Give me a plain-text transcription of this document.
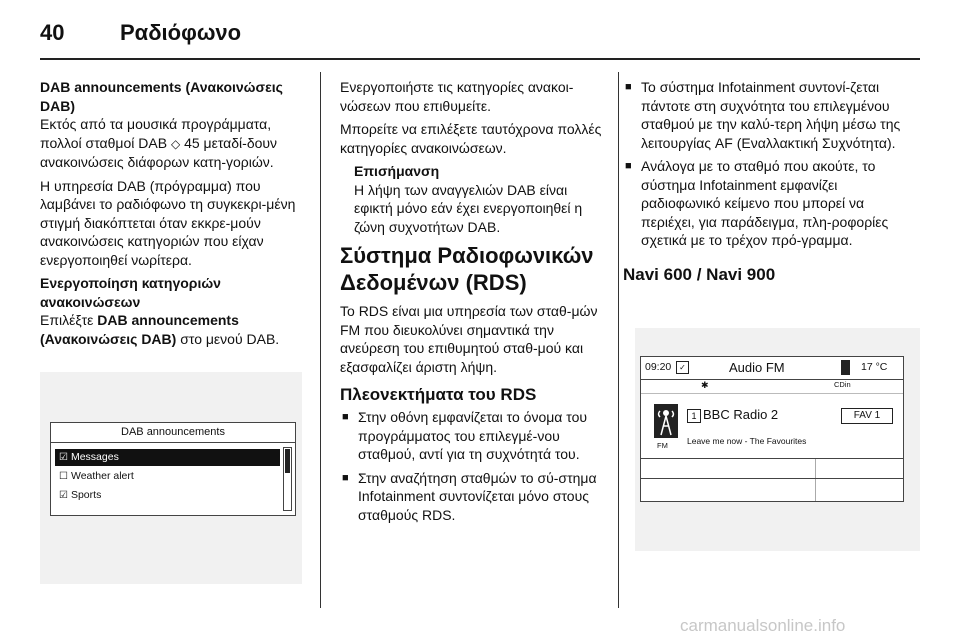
40	Ραδιόφωνο
DAB announcements (Ανακοινώσεις DAB)

Εκτός από τα μουσικά προγράμματα, πολλοί σταθμοί DAB ◇ 45 μεταδί-δουν ανακοινώσεις διάφορων κατη-γοριών.

Η υπηρεσία DAB (πρόγραμμα) που λαμβάνει το ραδιόφωνο τη συγκεκρι-μένη στιγμή διακόπτεται όταν εκκρε-μούν ανακοινώσεις κατηγοριών που είχαν ενεργοποιηθεί νωρίτερα.

Ενεργοποίηση κατηγοριών ανακοινώσεων

Επιλέξτε DAB announcements (Ανακοινώσεις DAB) στο μενού DAB.

DAB announcements
☑ Messages
☐ Weather alert
☑ Sports

Ενεργοποιήστε τις κατηγορίες ανακοι-νώσεων που επιθυμείτε.

Μπορείτε να επιλέξετε ταυτόχρονα πολλές κατηγορίες ανακοινώσεων.

Επισήμανση
Η λήψη των αναγγελιών DAB είναι εφικτή μόνο εάν έχει ενεργοποιηθεί η ζώνη συχνοτήτων DAB.
Σύστημα Ραδιοφωνικών Δεδομένων (RDS)

Το RDS είναι μια υπηρεσία των σταθ-μών FM που διευκολύνει σημαντικά την ανεύρεση του επιθυμητού σταθ-μού και εξασφαλίζει άριστη λήψη.

Πλεονεκτήματα του RDS
■ Στην οθόνη εμφανίζεται το όνομα του προγράμματος του επιλεγμέ-νου σταθμού, αντί για τη συχνότητά του.
■ Στην αναζήτηση σταθμών το σύ-στημα Infotainment συντονίζεται μόνο στους σταθμούς RDS.
■ Το σύστημα Infotainment συντονί-ζεται πάντοτε στη συχνότητα του επιλεγμένου σταθμού με την καλύ-τερη λήψη μέσω της λειτουργίας AF (Εναλλακτική Συχνότητα).
■ Ανάλογα με το σταθμό που ακούτε, το σύστημα Infotainment εμφανίζει ραδιοφωνικό κείμενο που μπορεί να περιέχει, για παράδειγμα, πλη-ροφορίες σχετικά με το τρέχον πρό-γραμμα.
Navi 600 / Navi 900
09:20 ✓	Audio FM	17 °C
✱	CDin
FM
1 BBC Radio 2	FAV 1
Leave me now - The Favourites
carmanualsonline.info
